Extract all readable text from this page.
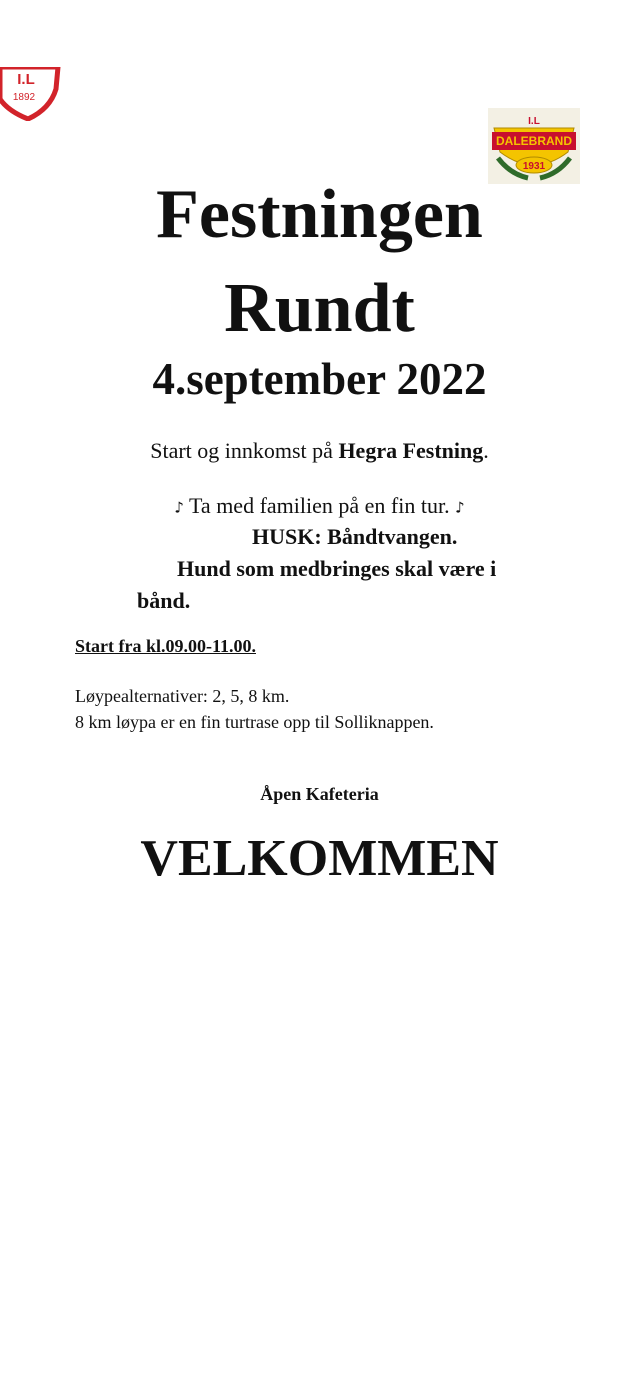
I.L
1892
I.L
DALEBRAND
1931
Festningen
Rundt
4.september 2022
Start og innkomst på Hegra Festning.
♪ Ta med familien på en fin tur. ♪
HUSK: Båndtvangen.
Hund som medbringes skal være i
bånd.
Start fra kl.09.00-11.00.
Løypealternativer: 2, 5, 8 km.
8 km løypa er en fin turtrase opp til Solliknappen.
Åpen Kafeteria
VELKOMMEN
